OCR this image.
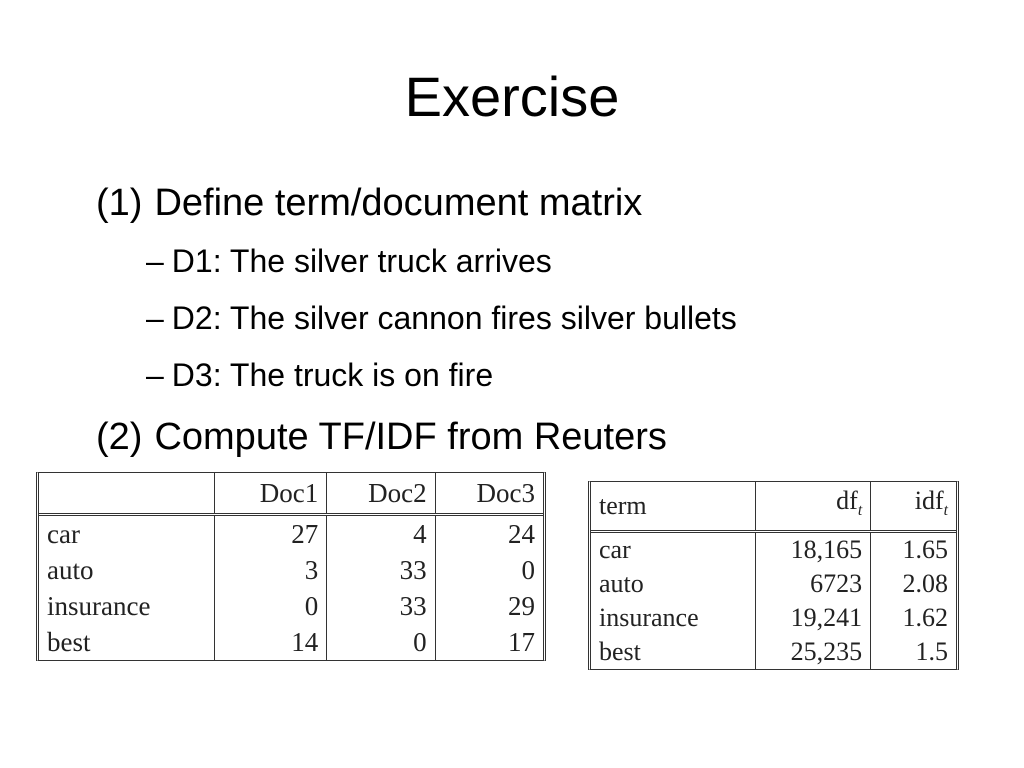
Exercise
(1) Define term/document matrix
– D1: The silver truck arrives
– D2: The silver cannon fires silver bullets
– D3: The truck is on fire
(2) Compute TF/IDF from Reuters
	Doc1	Doc2	Doc3
car	27	4	24
auto	3	33	0
insurance	0	33	29
best	14	0	17
term	$df_t$	idf$_t$
car	18,165	1.65
auto	6723	2.08
insurance	19,241	1.62
best	25,235	1.5
